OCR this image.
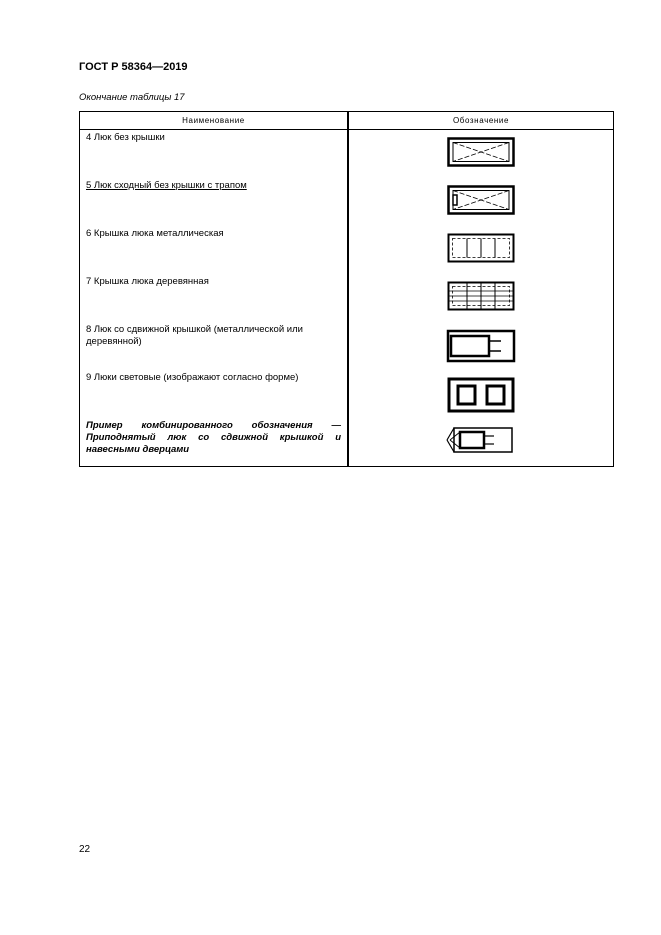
ГОСТ Р 58364—2019
Окончание таблицы 17
Наименование	Обозначение
4 Люк без крышки	

5 Люк сходный без крышки с трапом	

6 Крышка люка металлическая	

7 Крышка люка деревянная	

8 Люк со сдвижной крышкой (металлической или деревянной)	

9 Люки световые (изображают согласно форме)	

Пример комбинированного обозначения — Приподнятый люк со сдвижной крышкой и навесными дверцами

22
